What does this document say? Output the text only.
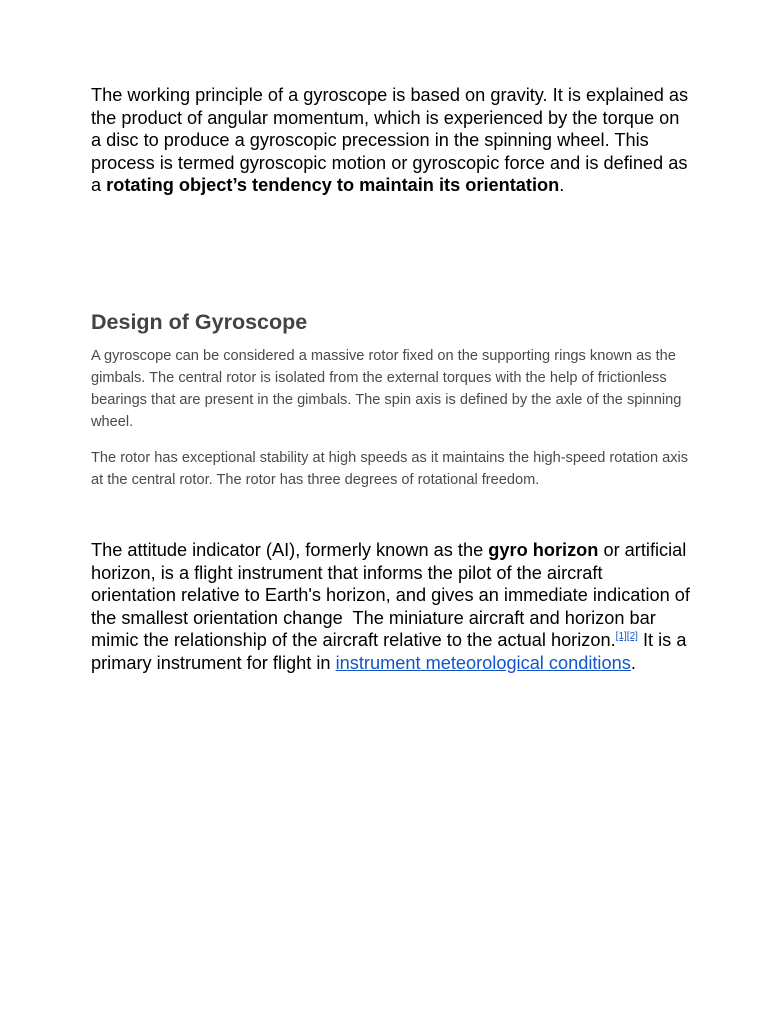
The working principle of a gyroscope is based on gravity. It is explained as the product of angular momentum, which is experienced by the torque on a disc to produce a gyroscopic precession in the spinning wheel. This process is termed gyroscopic motion or gyroscopic force and is defined as a rotating object’s tendency to maintain its orientation.

Design of Gyroscope

A gyroscope can be considered a massive rotor fixed on the supporting rings known as the gimbals. The central rotor is isolated from the external torques with the help of frictionless bearings that are present in the gimbals. The spin axis is defined by the axle of the spinning wheel.

The rotor has exceptional stability at high speeds as it maintains the high-speed rotation axis at the central rotor. The rotor has three degrees of rotational freedom.

The attitude indicator (AI), formerly known as the gyro horizon or artificial horizon, is a flight instrument that informs the pilot of the aircraft orientation relative to Earth's horizon, and gives an immediate indication of the smallest orientation change  The miniature aircraft and horizon bar mimic the relationship of the aircraft relative to the actual horizon.[1][2] It is a primary instrument for flight in instrument meteorological conditions.
